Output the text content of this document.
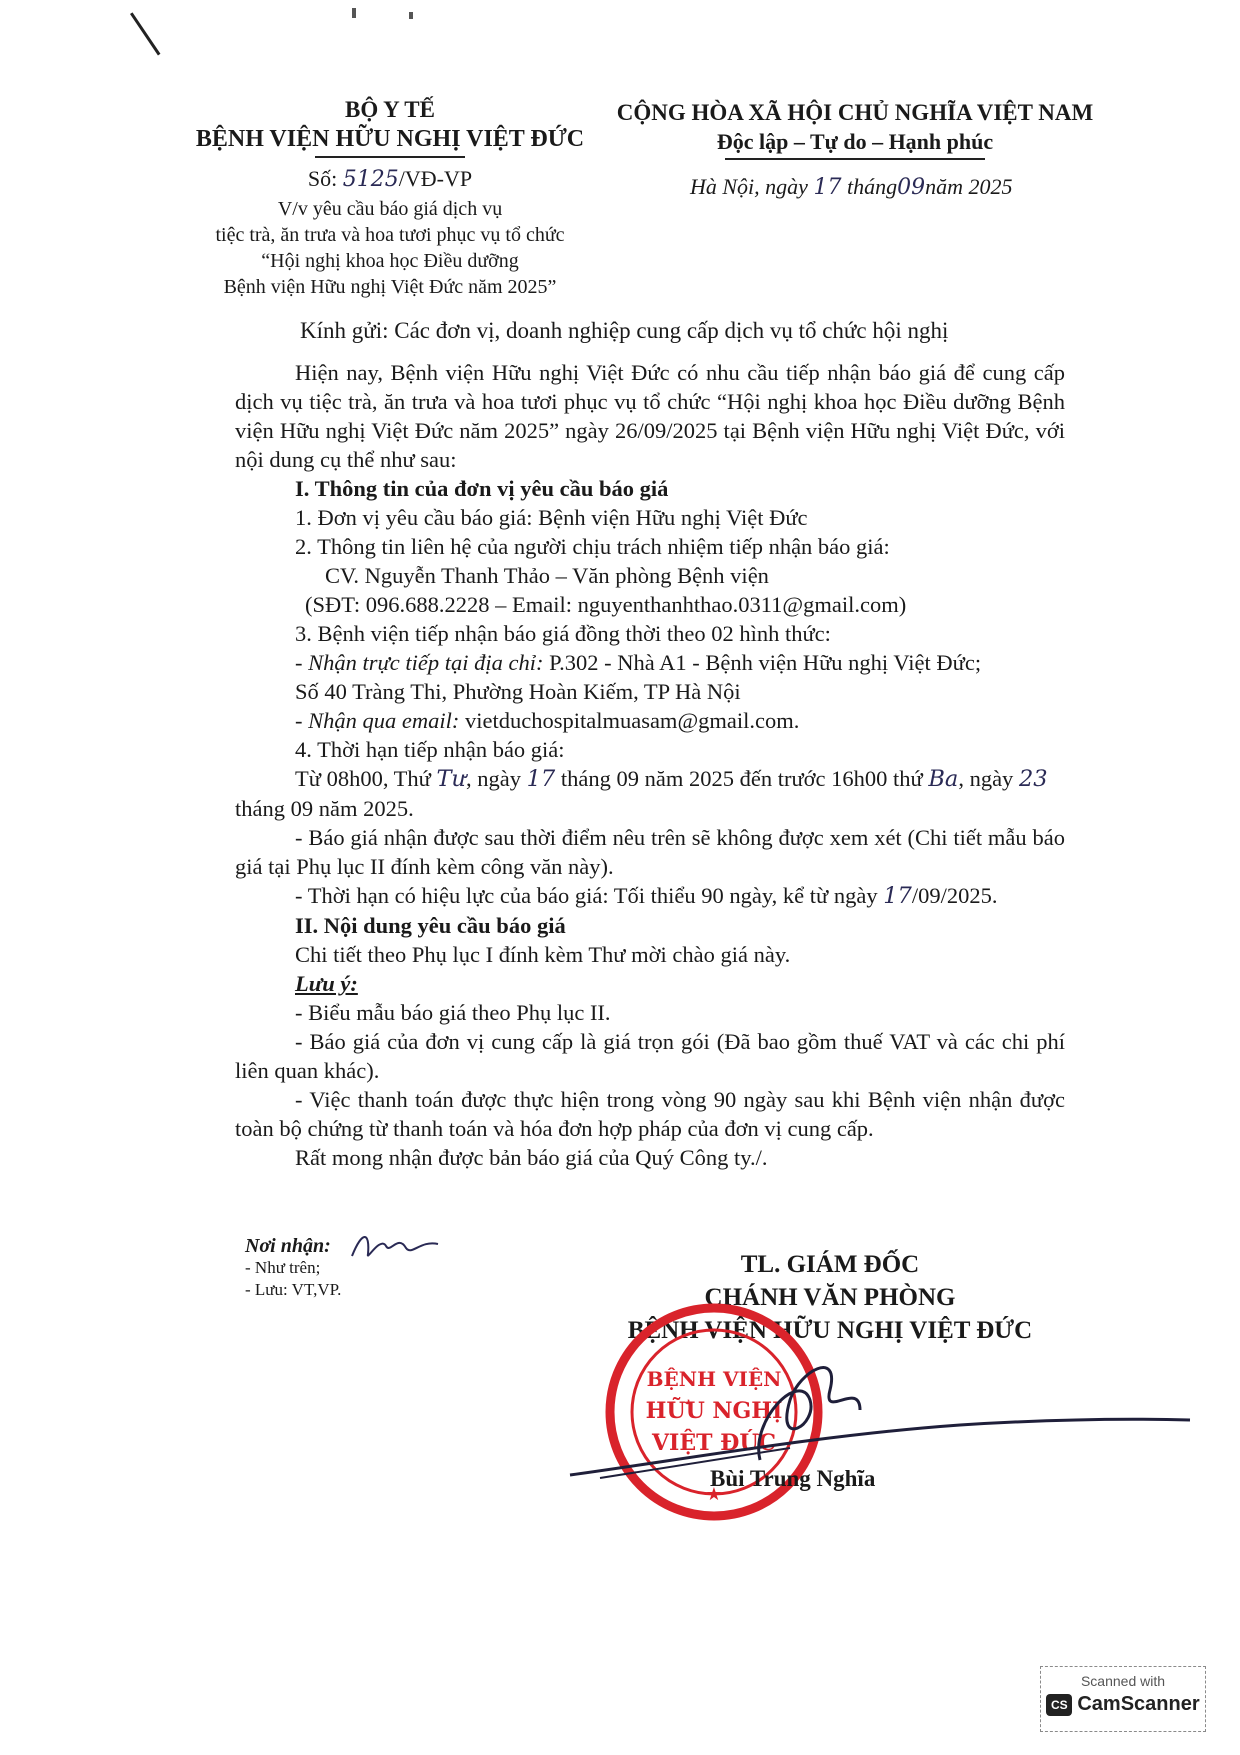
BỘ Y TẾ
BỆNH VIỆN HỮU NGHỊ VIỆT ĐỨC
Số: 5125/VĐ-VP
V/v yêu cầu báo giá dịch vụ
tiệc trà, ăn trưa và hoa tươi phục vụ tổ chức
“Hội nghị khoa học Điều dưỡng
Bệnh viện Hữu nghị Việt Đức năm 2025”
CỘNG HÒA XÃ HỘI CHỦ NGHĨA VIỆT NAM
Độc lập – Tự do – Hạnh phúc
Hà Nội, ngày 17 tháng09năm 2025
Kính gửi: Các đơn vị, doanh nghiệp cung cấp dịch vụ tổ chức hội nghị

Hiện nay, Bệnh viện Hữu nghị Việt Đức có nhu cầu tiếp nhận báo giá để cung cấp dịch vụ tiệc trà, ăn trưa và hoa tươi phục vụ tổ chức “Hội nghị khoa học Điều dưỡng Bệnh viện Hữu nghị Việt Đức năm 2025” ngày 26/09/2025 tại Bệnh viện Hữu nghị Việt Đức, với nội dung cụ thể như sau:

I. Thông tin của đơn vị yêu cầu báo giá

1. Đơn vị yêu cầu báo giá: Bệnh viện Hữu nghị Việt Đức

2. Thông tin liên hệ của người chịu trách nhiệm tiếp nhận báo giá:

CV. Nguyễn Thanh Thảo – Văn phòng Bệnh viện

(SĐT: 096.688.2228 – Email: nguyenthanhthao.0311@gmail.com)

3. Bệnh viện tiếp nhận báo giá đồng thời theo 02 hình thức:

- Nhận trực tiếp tại địa chỉ: P.302 - Nhà A1 - Bệnh viện Hữu nghị Việt Đức;

Số 40 Tràng Thi, Phường Hoàn Kiếm, TP Hà Nội

- Nhận qua email: vietduchospitalmuasam@gmail.com.

4. Thời hạn tiếp nhận báo giá:

Từ 08h00, Thứ Tư, ngày 17 tháng 09 năm 2025 đến trước 16h00 thứ Ba, ngày 23

tháng 09 năm 2025.

- Báo giá nhận được sau thời điểm nêu trên sẽ không được xem xét (Chi tiết mẫu báo giá tại Phụ lục II đính kèm công văn này).

- Thời hạn có hiệu lực của báo giá: Tối thiểu 90 ngày, kể từ ngày 17/09/2025.

II. Nội dung yêu cầu báo giá

Chi tiết theo Phụ lục I đính kèm Thư mời chào giá này.

Lưu ý:

- Biểu mẫu báo giá theo Phụ lục II.

- Báo giá của đơn vị cung cấp là giá trọn gói (Đã bao gồm thuế VAT và các chi phí liên quan khác).

- Việc thanh toán được thực hiện trong vòng 90 ngày sau khi Bệnh viện nhận được toàn bộ chứng từ thanh toán và hóa đơn hợp pháp của đơn vị cung cấp.

Rất mong nhận được bản báo giá của Quý Công ty./.

Nơi nhận:
- Như trên;
- Lưu: VT,VP.
TL. GIÁM ĐỐC
CHÁNH VĂN PHÒNG
BỆNH VIỆN HỮU NGHỊ VIỆT ĐỨC
BỆNH VIỆN
HỮU NGHỊ
VIỆT ĐỨC
★
Bùi Trung Nghĩa
Scanned with
CS CamScanner
